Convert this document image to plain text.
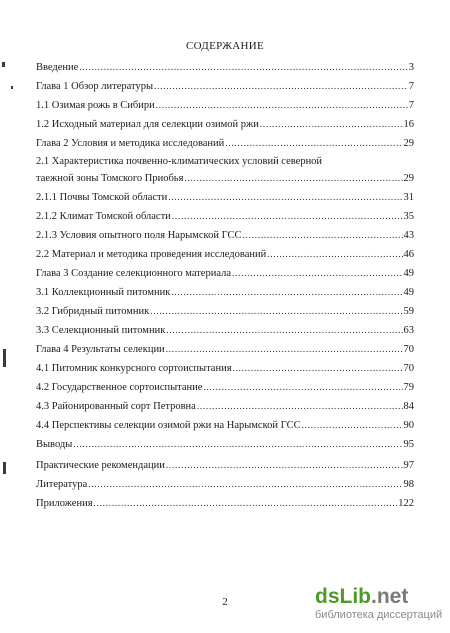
СОДЕРЖАНИЕ
Введение .....	3
Глава 1 Обзор литературы .....	7
1.1 Озимая рожь в Сибири .....	7
1.2 Исходный материал для селекции озимой ржи .....	16
Глава 2 Условия и методика исследований .....	29
2.1 Характеристика почвенно-климатических условий северной
таежной зоны Томского Приобья .....	29
2.1.1 Почвы Томской области .....	31
2.1.2 Климат Томской области .....	35
2.1.3 Условия опытного поля Нарымской ГСС .....	43
2.2 Материал и методика проведения исследований .....	46
Глава 3 Создание селекционного материала .....	49
3.1 Коллекционный питомник .....	49
3.2 Гибридный питомник .....	59
3.3 Селекционный питомник .....	63
Глава 4 Результаты селекции .....	70
4.1 Питомник конкурсного сортоиспытания .....	70
4.2 Государственное сортоиспытание .....	79
4.3 Районированный сорт Петровна .....	84
4.4 Перспективы селекции озимой ржи на Нарымской ГСС .....	90
Выводы .....	95
Практические рекомендации .....	97
Литература .....	98
Приложения .....	122
2	dsLib.net
библиотека диссертаций
